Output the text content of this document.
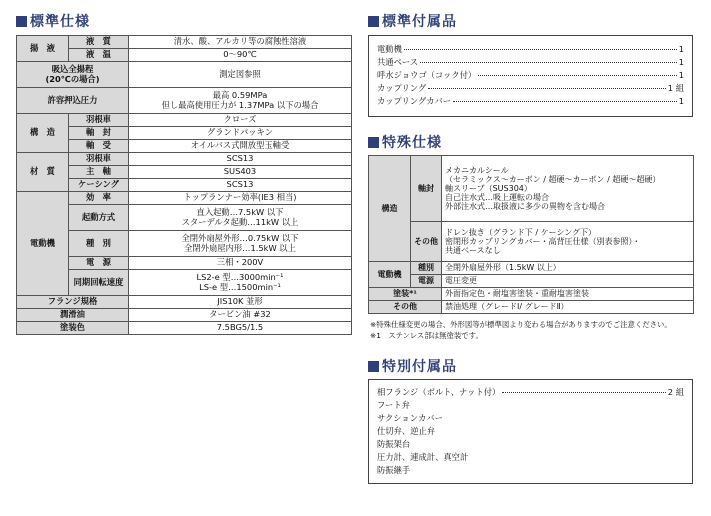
標準仕様
揚　液	液　質	清水、酸、アルカリ等の腐蝕性溶液
	液　温	0～90℃

吸込全揚程
(20℃の場合)		測定図参照
許容押込圧力		最高 0.59MPa
但し最高使用圧力が 1.37MPa 以下の場合

構　造	羽根車	クローズ
	軸　封	グランドパッキン
	軸　受	オイルバス式開放型玉軸受
材　質	羽根車	SCS13
	主　軸	SUS403
	ケーシング	SCS13
電動機	効　率	トップランナー効率(IE3 相当)
	起動方式	直入起動…7.5kW 以下
スターデルタ起動…11kW 以上

	種　別	全閉外扇屋外形…0.75kW 以下
全閉外扇屋内形…1.5kW 以上

	電　源	三相・200V
	同期回転速度	LS2-e 型…3000min⁻¹
LS-e 型…1500min⁻¹

フランジ規格		JIS10K 並形
潤滑油		タービン油 #32
塗装色		7.5BG5/1.5
標準付属品
電動機	1
共通ベース	1
呼水ジョウゴ（コック付）	1
カップリング	1 組
カップリングカバー	1
特殊仕様
構造	軸封	メカニカルシール
（セラミックス～カーボン / 超硬～カーボン / 超硬～超硬）
軸スリーブ（SUS304）
自己注水式…吸上運転の場合
外部注水式…取扱液に多少の異物を含む場合

	その他	ドレン抜き（グランド下 / ケーシング下）
密閉形カップリングカバー・高背圧仕様（別表参照）・
共通ベースなし

電動機	種別	全閉外扇屋外形（1.5kW 以上）
	電源	電圧変更
塗装*¹		外面指定色・耐塩害塗装・重耐塩害塗装
その他		禁油処理（グレードⅠ/ グレードⅡ）
※特殊仕様変更の場合、外形図等が標準図より変わる場合がありますのでご注意ください。
※1　ステンレス部は無塗装です。
特別付属品
相フランジ（ボルト、ナット付）	2 組
フート弁
サクションカバー
仕切弁、逆止弁
防振架台
圧力計、連成計、真空計
防振継手
